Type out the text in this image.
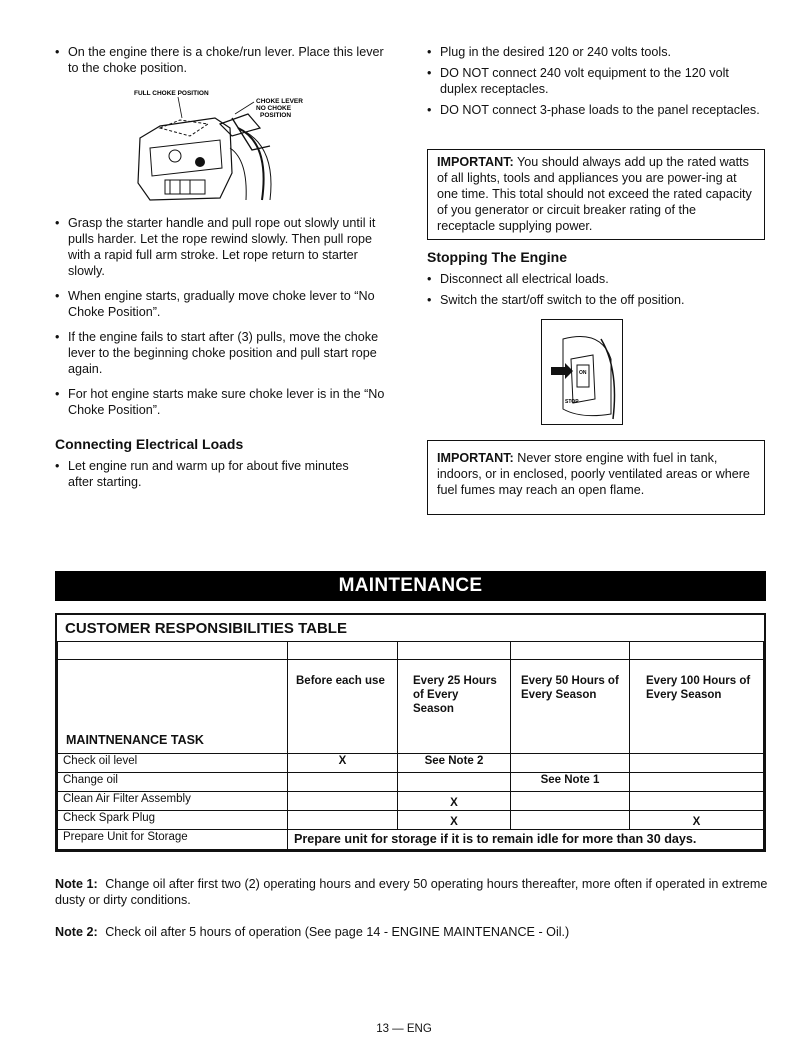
• On the engine there is a choke/run lever. Place this lever to the choke position.
FULL CHOKE POSITION
CHOKE LEVER
NO CHOKE
POSITION
• Grasp the starter handle and pull rope out slowly until it pulls harder. Let the rope rewind slowly. Then pull rope with a rapid full arm stroke. Let rope return to starter slowly.
• When engine starts, gradually move choke lever to “No Choke Position”.
• If the engine fails to start after (3) pulls, move the choke lever to the beginning choke position and pull start rope again.
• For hot engine starts make sure choke lever is in the “No Choke Position”.
Connecting Electrical Loads
• Let engine run and warm up for about five minutes after starting.
• Plug in the desired 120 or 240 volts tools.
• DO NOT connect 240 volt equipment to the 120 volt duplex receptacles.
• DO NOT connect 3-phase loads to the panel receptacles.
IMPORTANT: You should always add up the rated watts of all lights, tools and appliances you are power-ing at one time. This total should not exceed the rated capacity of you generator or circuit breaker rating of the receptacle supplying power.
Stopping The Engine
• Disconnect all electrical loads.
• Switch the start/off switch to the off position.
ON
STOP
IMPORTANT: Never store engine with fuel in tank, indoors, or in enclosed, poorly ventilated areas or where fuel fumes may reach an open flame.
MAINTENANCE
CUSTOMER RESPONSIBILITIES TABLE

MAINTNENANCE TASK	Before each use	Every 25 Hours of Every Season	Every 50 Hours of Every Season	Every 100 Hours of Every Season
Check oil level	X	See Note 2		
Change oil			See Note 1	
Clean Air Filter Assembly		X		
Check Spark Plug		X		X
Prepare Unit for Storage	Prepare unit for storage if it is to remain idle for more than 30 days.			
Note 1: Change oil after first two (2) operating hours and every 50 operating hours thereafter, more often if operated in extreme dusty or dirty conditions.
Note 2: Check oil after 5 hours of operation (See page 14 - ENGINE MAINTENANCE - Oil.)
13 — ENG
